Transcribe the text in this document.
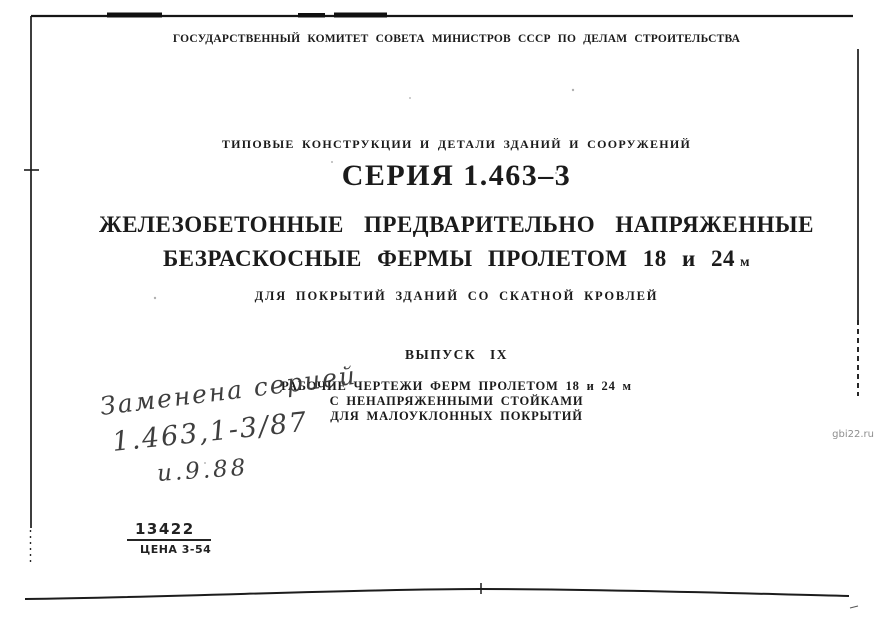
ГОСУДАРСТВЕННЫЙ КОМИТЕТ СОВЕТА МИНИСТРОВ СССР ПО ДЕЛАМ СТРОИТЕЛЬСТВА
ТИПОВЫЕ КОНСТРУКЦИИ И ДЕТАЛИ ЗДАНИЙ И СООРУЖЕНИЙ
СЕРИЯ 1.463–3
ЖЕЛЕЗОБЕТОННЫЕ ПРЕДВАРИТЕЛЬНО НАПРЯЖЕННЫЕ
БЕЗРАСКОСНЫЕ ФЕРМЫ ПРОЛЕТОМ 18 и 24 м
ДЛЯ ПОКРЫТИЙ ЗДАНИЙ СО СКАТНОЙ КРОВЛЕЙ
ВЫПУСК IX
РАБОЧИЕ ЧЕРТЕЖИ ФЕРМ ПРОЛЕТОМ 18 и 24 м
С НЕНАПРЯЖЕННЫМИ СТОЙКАМИ
ДЛЯ МАЛОУКЛОННЫХ ПОКРЫТИЙ
Заменена серией
1.463,1-3/87
и.9.88
13422
ЦЕНА 3-54
gbi22.ru
